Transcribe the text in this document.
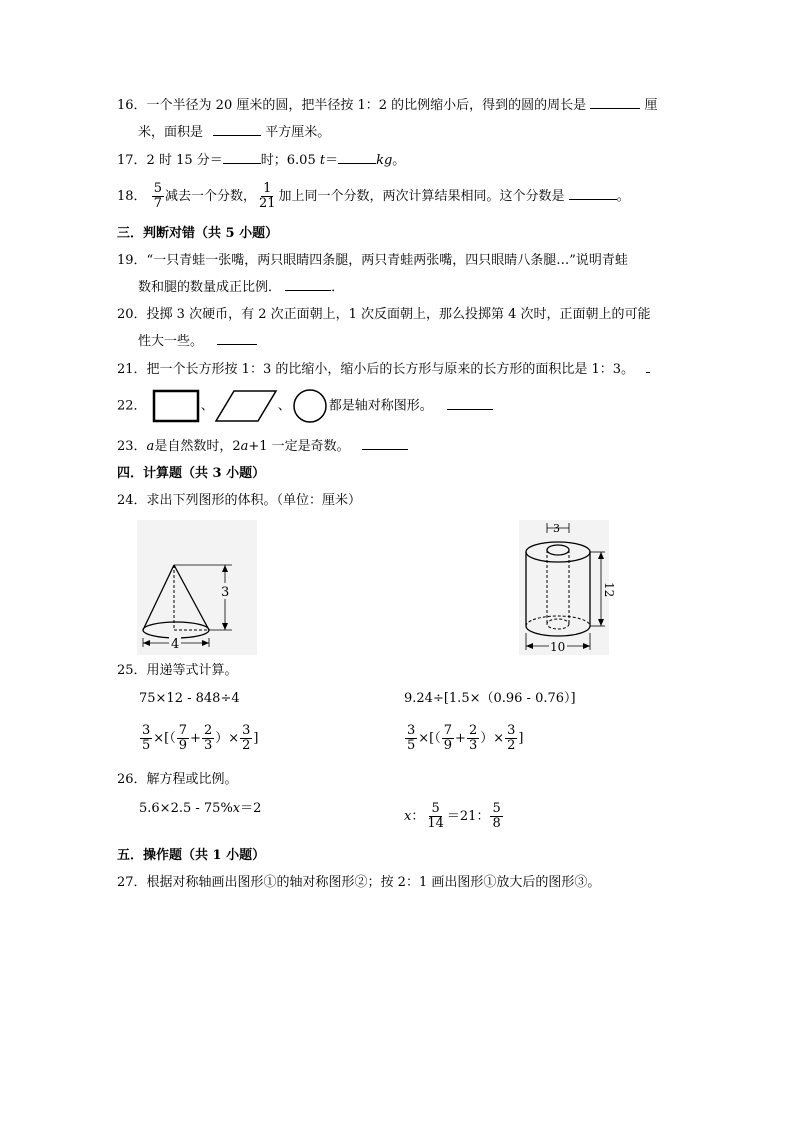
16．一个半径为 20 厘米的圆，把半径按 1：2 的比例缩小后，得到的圆的周长是	厘
米，面积是	平方厘米。
17．2 时 15 分＝	时；6.05 t＝	kg。
18． $\frac{5}{7}$ 减去一个分数， $\frac{1}{21}$ 加上同一个分数，两次计算结果相同。这个分数是	。
三．判断对错（共 5 小题）
19．“一只青蛙一张嘴，两只眼睛四条腿，两只青蛙两张嘴，四只眼睛八条腿…”说明青蛙
数和腿的数量成正比例．	．
20．投掷 3 次硬币，有 2 次正面朝上，1 次反面朝上，那么投掷第 4 次时，正面朝上的可能
性大一些。
21．把一个长方形按 1：3 的比缩小，缩小后的长方形与原来的长方形的面积比是 1：3。
22．	、	、	都是轴对称图形。
23．a是自然数时，2a+1 一定是奇数。
四．计算题（共 3 小题）
24．求出下列图形的体积。（单位：厘米）
3
4
3
12
10
25．用递等式计算。
75×12 - 848÷4	9.24÷[1.5×（0.96 - 0.76）]
$\frac{3}{5}$ ×[（ $\frac{7}{9} + \frac{2}{3}$ ）× $\frac{3}{2}$ ]	$\frac{3}{5}$ ×[（ $\frac{7}{9} + \frac{2}{3}$ ）× $\frac{3}{2}$ ]
26．解方程或比例。
5.6×2.5 - 75%x＝2
x： $\frac{5}{14} =21$： $\frac{5}{8}$
五．操作题（共 1 小题）
27．根据对称轴画出图形①的轴对称图形②；按 2：1 画出图形①放大后的图形③。
